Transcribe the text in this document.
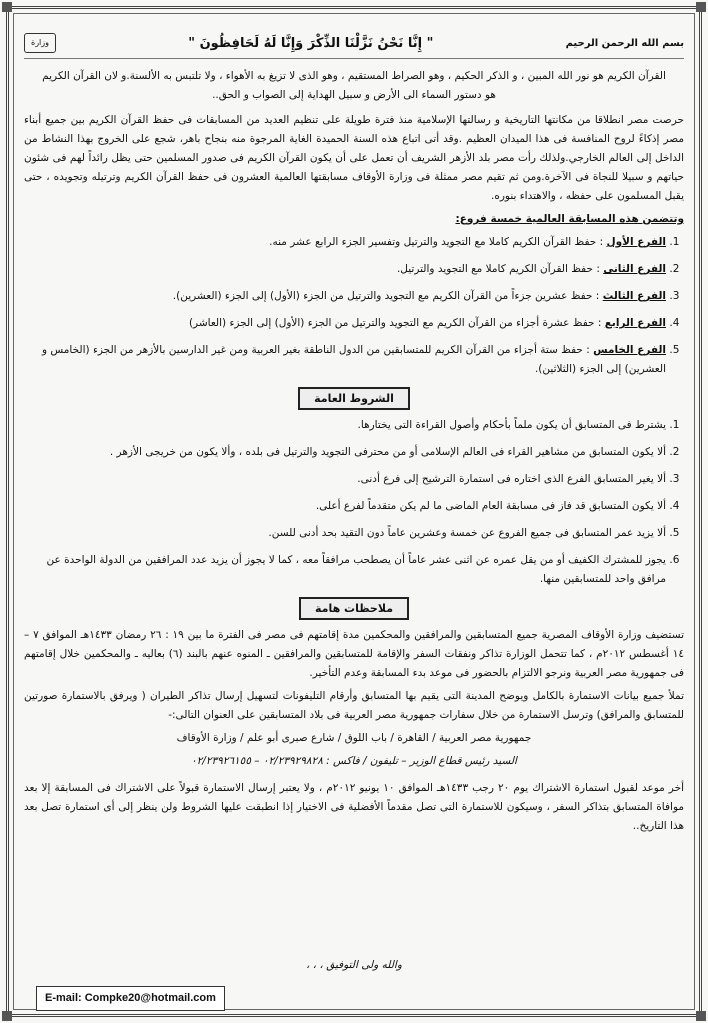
بسم الله الرحمن الرحيم
" إِنَّا نَحْنُ نَزَّلْنَا الذِّكْرَ وَإِنَّا لَهُ لَحَافِظُونَ "
وزارة

القرآن الكريم هو نور الله المبين ، و الذكر الحكيم ، وهو الصراط المستقيم ، وهو الذى لا تزيغ به الأهواء ، ولا تلتبس به الألسنة.و لان القرآن الكريم

هو دستور السماء الى الأرض و سبيل الهداية إلى الصواب و الحق..

حرصت مصر انطلاقا من مكانتها التاريخية و رسالتها الإسلامية منذ فترة طويلة على تنظيم العديد من المسابقات فى حفظ القرآن الكريم بين جميع أبناء مصر إذكاءً لروح المنافسة فى هذا الميدان العظيم .وقد أتى اتباع هذه السنة الحميدة الغاية المرجوة منه بنجاح باهر، شجع على الخروج بهذا النشاط من الداخل إلى العالم الخارجي.ولذلك رأت مصر بلد الأزهر الشريف أن تعمل على أن يكون القرآن الكريم فى صدور المسلمين حتى يظل رائداً لهم فى شئون حياتهم و سبيلا للنجاة فى الآخرة.ومن ثم تقيم مصر ممثلة فى وزارة الأوقاف مسابقتها العالمية العشرون فى حفظ القرآن الكريم وترتيله وتجويده ، حتى يقبل المسلمون على حفظه ، والاهتداء بنوره.

وتتضمن هذه المسابقة العالمية خمسة فروع:

1. الفرع الأول : حفظ القرآن الكريم كاملا مع التجويد والترتيل وتفسير الجزء الرابع عشر منه.
2. الفرع الثانى : حفظ القرآن الكريم كاملا مع التجويد والترتيل.
3. الفرع الثالث : حفظ عشرين جزءاً من القرآن الكريم مع التجويد والترتيل من الجزء (الأول) إلى الجزء (العشرين).
4. الفرع الرابع : حفظ عشرة أجزاء من القرآن الكريم مع التجويد والترتيل من الجزء (الأول) إلى الجزء (العاشر)
5. الفرع الخامس : حفظ ستة أجزاء من القرآن الكريم للمتسابقين من الدول الناطقة بغير العربية ومن غير الدارسين بالأزهر من الجزء (الخامس و العشرين) إلى الجزء (الثلاثين).
الشروط العامة
1. يشترط فى المتسابق أن يكون ملماً بأحكام وأصول القراءة التى يختارها.
2. ألا يكون المتسابق من مشاهير القراء فى العالم الإسلامى أو من محترفى التجويد والترتيل فى بلده ، وألا يكون من خريجى الأزهر .
3. ألا يغير المتسابق الفرع الذى اختاره فى استمارة الترشيح إلى فرع أدنى.
4. ألا يكون المتسابق قد فاز فى مسابقة العام الماضى ما لم يكن متقدماً لفرع أعلى.
5. ألا يزيد عمر المتسابق فى جميع الفروع عن خمسة وعشرين عاماً دون التقيد بحد أدنى للسن.
6. يجوز للمشترك الكفيف أو من يقل عمره عن اثنى عشر عاماً أن يصطحب مرافقاً معه ، كما لا يجوز أن يزيد عدد المرافقين من الدولة الواحدة عن مرافق واحد للمتسابقين منها.
ملاحظات هامة

تستضيف وزارة الأوقاف المصرية جميع المتسابقين والمرافقين والمحكمين مدة إقامتهم فى مصر فى الفترة ما بين ١٩ : ٢٦ رمضان ١٤٣٣هـ الموافق ٧ – ١٤ أغسطس ٢٠١٢م ، كما تتحمل الوزارة تذاكر ونفقات السفر والإقامة للمتسابقين والمرافقين ـ المنوه عنهم بالبند (٦) بعاليه ـ والمحكمين خلال إقامتهم فى جمهورية مصر العربية ونرجو الالتزام بالحضور فى موعد بدء المسابقة وعدم التأخير.

تملأ جميع بيانات الاستمارة بالكامل ويوضح المدينة التى يقيم بها المتسابق وأرقام التليفونات لتسهيل إرسال تذاكر الطيران ( ويرفق بالاستمارة صورتين للمتسابق والمرافق) وترسل الاستمارة من خلال سفارات جمهورية مصر العربية فى بلاد المتسابقين على العنوان التالى:-

جمهورية مصر العربية / القاهرة / باب اللوق / شارع صبرى أبو علم / وزارة الأوقاف

السيد رئيس قطاع الوزير – تليفون / فاكس : ٠٢/٢٣٩٢٩٨٢٨ – ٠٢/٢٣٩٢٦١٥٥

أخر موعد لقبول استمارة الاشتراك يوم ٢٠ رجب ١٤٣٣هـ الموافق ١٠ يونيو ٢٠١٢م ، ولا يعتبر إرسال الاستمارة قبولاً على الاشتراك فى المسابقة إلا بعد موافاة المتسابق بتذاكر السفر ، وسيكون للاستمارة التى تصل مقدماً الأفضلية فى الاختيار إذا انطبقت عليها الشروط ولن ينظر إلى أى استمارة تصل بعد هذا التاريخ..

والله ولى التوفيق ، ، ،

E-mail: Compke20@hotmail.com
